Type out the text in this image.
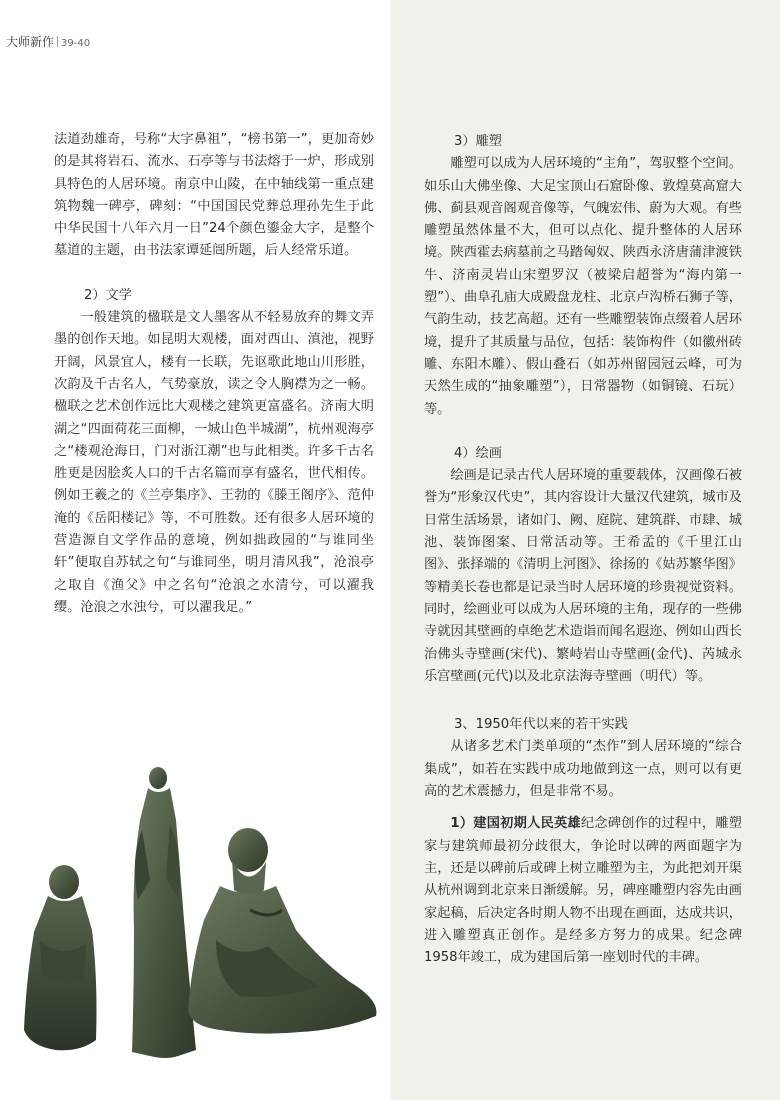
大师新作 39-40

法道劲雄奇，号称“大字鼻祖”，“榜书第一”，更加奇妙的是其将岩石、流水、石亭等与书法熔于一炉，形成别具特色的人居环境。南京中山陵，在中轴线第一重点建筑物魏一碑亭，碑刻：“中国国民党葬总理孙先生于此中华民国十八年六月一日”24个颜色鎏金大字，是整个墓道的主题，由书法家谭延闿所题，后人经常乐道。

2）文学

一般建筑的楹联是文人墨客从不轻易放弃的舞文弄墨的创作天地。如昆明大观楼，面对西山、滇池，视野开阔，风景宜人，楼有一长联，先讴歌此地山川形胜，次韵及千古名人，气势豪放，读之令人胸襟为之一畅。楹联之艺术创作远比大观楼之建筑更富盛名。济南大明湖之“四面荷花三面柳，一城山色半城湖”，杭州观海亭之“楼观沧海日，门对浙江潮”也与此相类。许多千古名胜更是因脍炙人口的千古名篇而享有盛名，世代相传。例如王羲之的《兰亭集序》、王勃的《滕王阁序》、范仲淹的《岳阳楼记》等，不可胜数。还有很多人居环境的营造源自文学作品的意境，例如拙政园的“与谁同坐轩”便取自苏轼之句“与谁同坐，明月清风我”，沧浪亭之取自《渔父》中之名句“沧浪之水清兮，可以濯我缨。沧浪之水浊兮，可以濯我足。”

3）雕塑

雕塑可以成为人居环境的“主角”，驾驭整个空间。如乐山大佛坐像、大足宝顶山石窟卧像、敦煌莫高窟大佛、蓟县观音阁观音像等，气魄宏伟、蔚为大观。有些雕塑虽然体量不大，但可以点化、提升整体的人居环境。陕西霍去病墓前之马踏匈奴、陕西永济唐蒲津渡铁牛、济南灵岩山宋塑罗汉（被梁启超誉为“海内第一塑”）、曲阜孔庙大成殿盘龙柱、北京卢沟桥石狮子等，气韵生动，技艺高超。还有一些雕塑装饰点缀着人居环境，提升了其质量与品位，包括：装饰构件（如徽州砖雕、东阳木雕）、假山叠石（如苏州留园冠云峰，可为天然生成的“抽象雕塑”），日常器物（如铜镜、石玩）等。

4）绘画

绘画是记录古代人居环境的重要载体，汉画像石被誉为“形象汉代史”，其内容设计大量汉代建筑，城市及日常生活场景，诸如门、阙、庭院、建筑群、市肆、城池、装饰图案、日常活动等。王希孟的《千里江山图》、张择端的《清明上河图》、徐扬的《姑苏繁华图》等精美长卷也都是记录当时人居环境的珍贵视觉资料。同时，绘画业可以成为人居环境的主角，现存的一些佛寺就因其壁画的卓绝艺术造诣而闻名遐迩、例如山西长治佛头寺壁画(宋代)、繁峙岩山寺壁画(金代)、芮城永乐宫壁画(元代)以及北京法海寺壁画（明代）等。

3、1950年代以来的若干实践

从诸多艺术门类单项的“杰作”到人居环境的“综合集成”，如若在实践中成功地做到这一点，则可以有更高的艺术震撼力，但是非常不易。

1）建国初期人民英雄纪念碑创作的过程中，雕塑家与建筑师最初分歧很大，争论时以碑的两面题字为主，还是以碑前后或碑上树立雕塑为主，为此把刘开渠从杭州调到北京来日渐缓解。另，碑座雕塑内容先由画家起稿，后决定各时期人物不出现在画面，达成共识，进入雕塑真正创作。是经多方努力的成果。纪念碑1958年竣工，成为建国后第一座划时代的丰碑。
